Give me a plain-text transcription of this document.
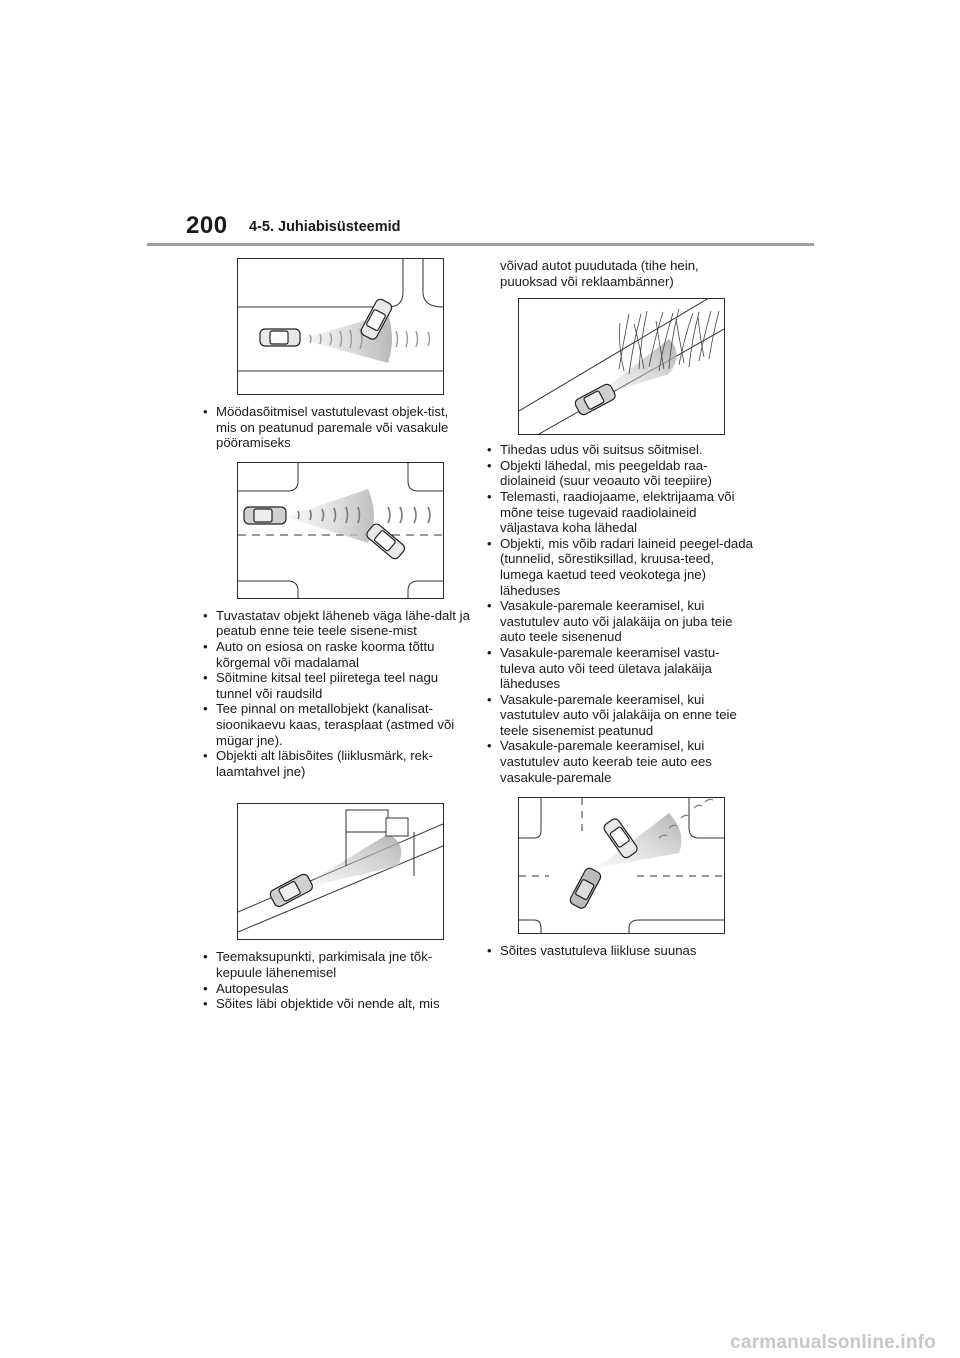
200 4-5. Juhiabisüsteemid
• Möödasõitmisel vastutulevast objek-tist, mis on peatunud paremale või vasakule pööramiseks
• Tuvastatav objekt läheneb väga lähe-dalt ja peatub enne teie teele sisene-mist
• Auto on esiosa on raske koorma tõttu kõrgemal või madalamal
• Sõitmine kitsal teel piiretega teel nagu tunnel või raudsild
• Tee pinnal on metallobjekt (kanalisat-sioonikaevu kaas, terasplaat (astmed või mügar jne).
• Objekti alt läbisõites (liiklusmärk, rek-laamtahvel jne)
• Teemaksupunkti, parkimisala jne tõk-kepuule lähenemisel
• Autopesulas
• Sõites läbi objektide või nende alt, mis

võivad autot puudutada (tihe hein, puuoksad või reklaambänner)

• Tihedas udus või suitsus sõitmisel.
• Objekti lähedal, mis peegeldab raa-diolaineid (suur veoauto või teepiire)
• Telemasti, raadiojaame, elektrijaama või mõne teise tugevaid raadiolaineid väljastava koha lähedal
• Objekti, mis võib radari laineid peegel-dada (tunnelid, sõrestiksillad, kruusa-teed, lumega kaetud teed veokotega jne) läheduses
• Vasakule-paremale keeramisel, kui vastutulev auto või jalakäija on juba teie auto teele sisenenud
• Vasakule-paremale keeramisel vastu-tuleva auto või teed ületava jalakäija läheduses
• Vasakule-paremale keeramisel, kui vastutulev auto või jalakäija on enne teie teele sisenemist peatunud
• Vasakule-paremale keeramisel, kui vastutulev auto keerab teie auto ees vasakule-paremale
• Sõites vastutuleva liikluse suunas
carmanualsonline.info
